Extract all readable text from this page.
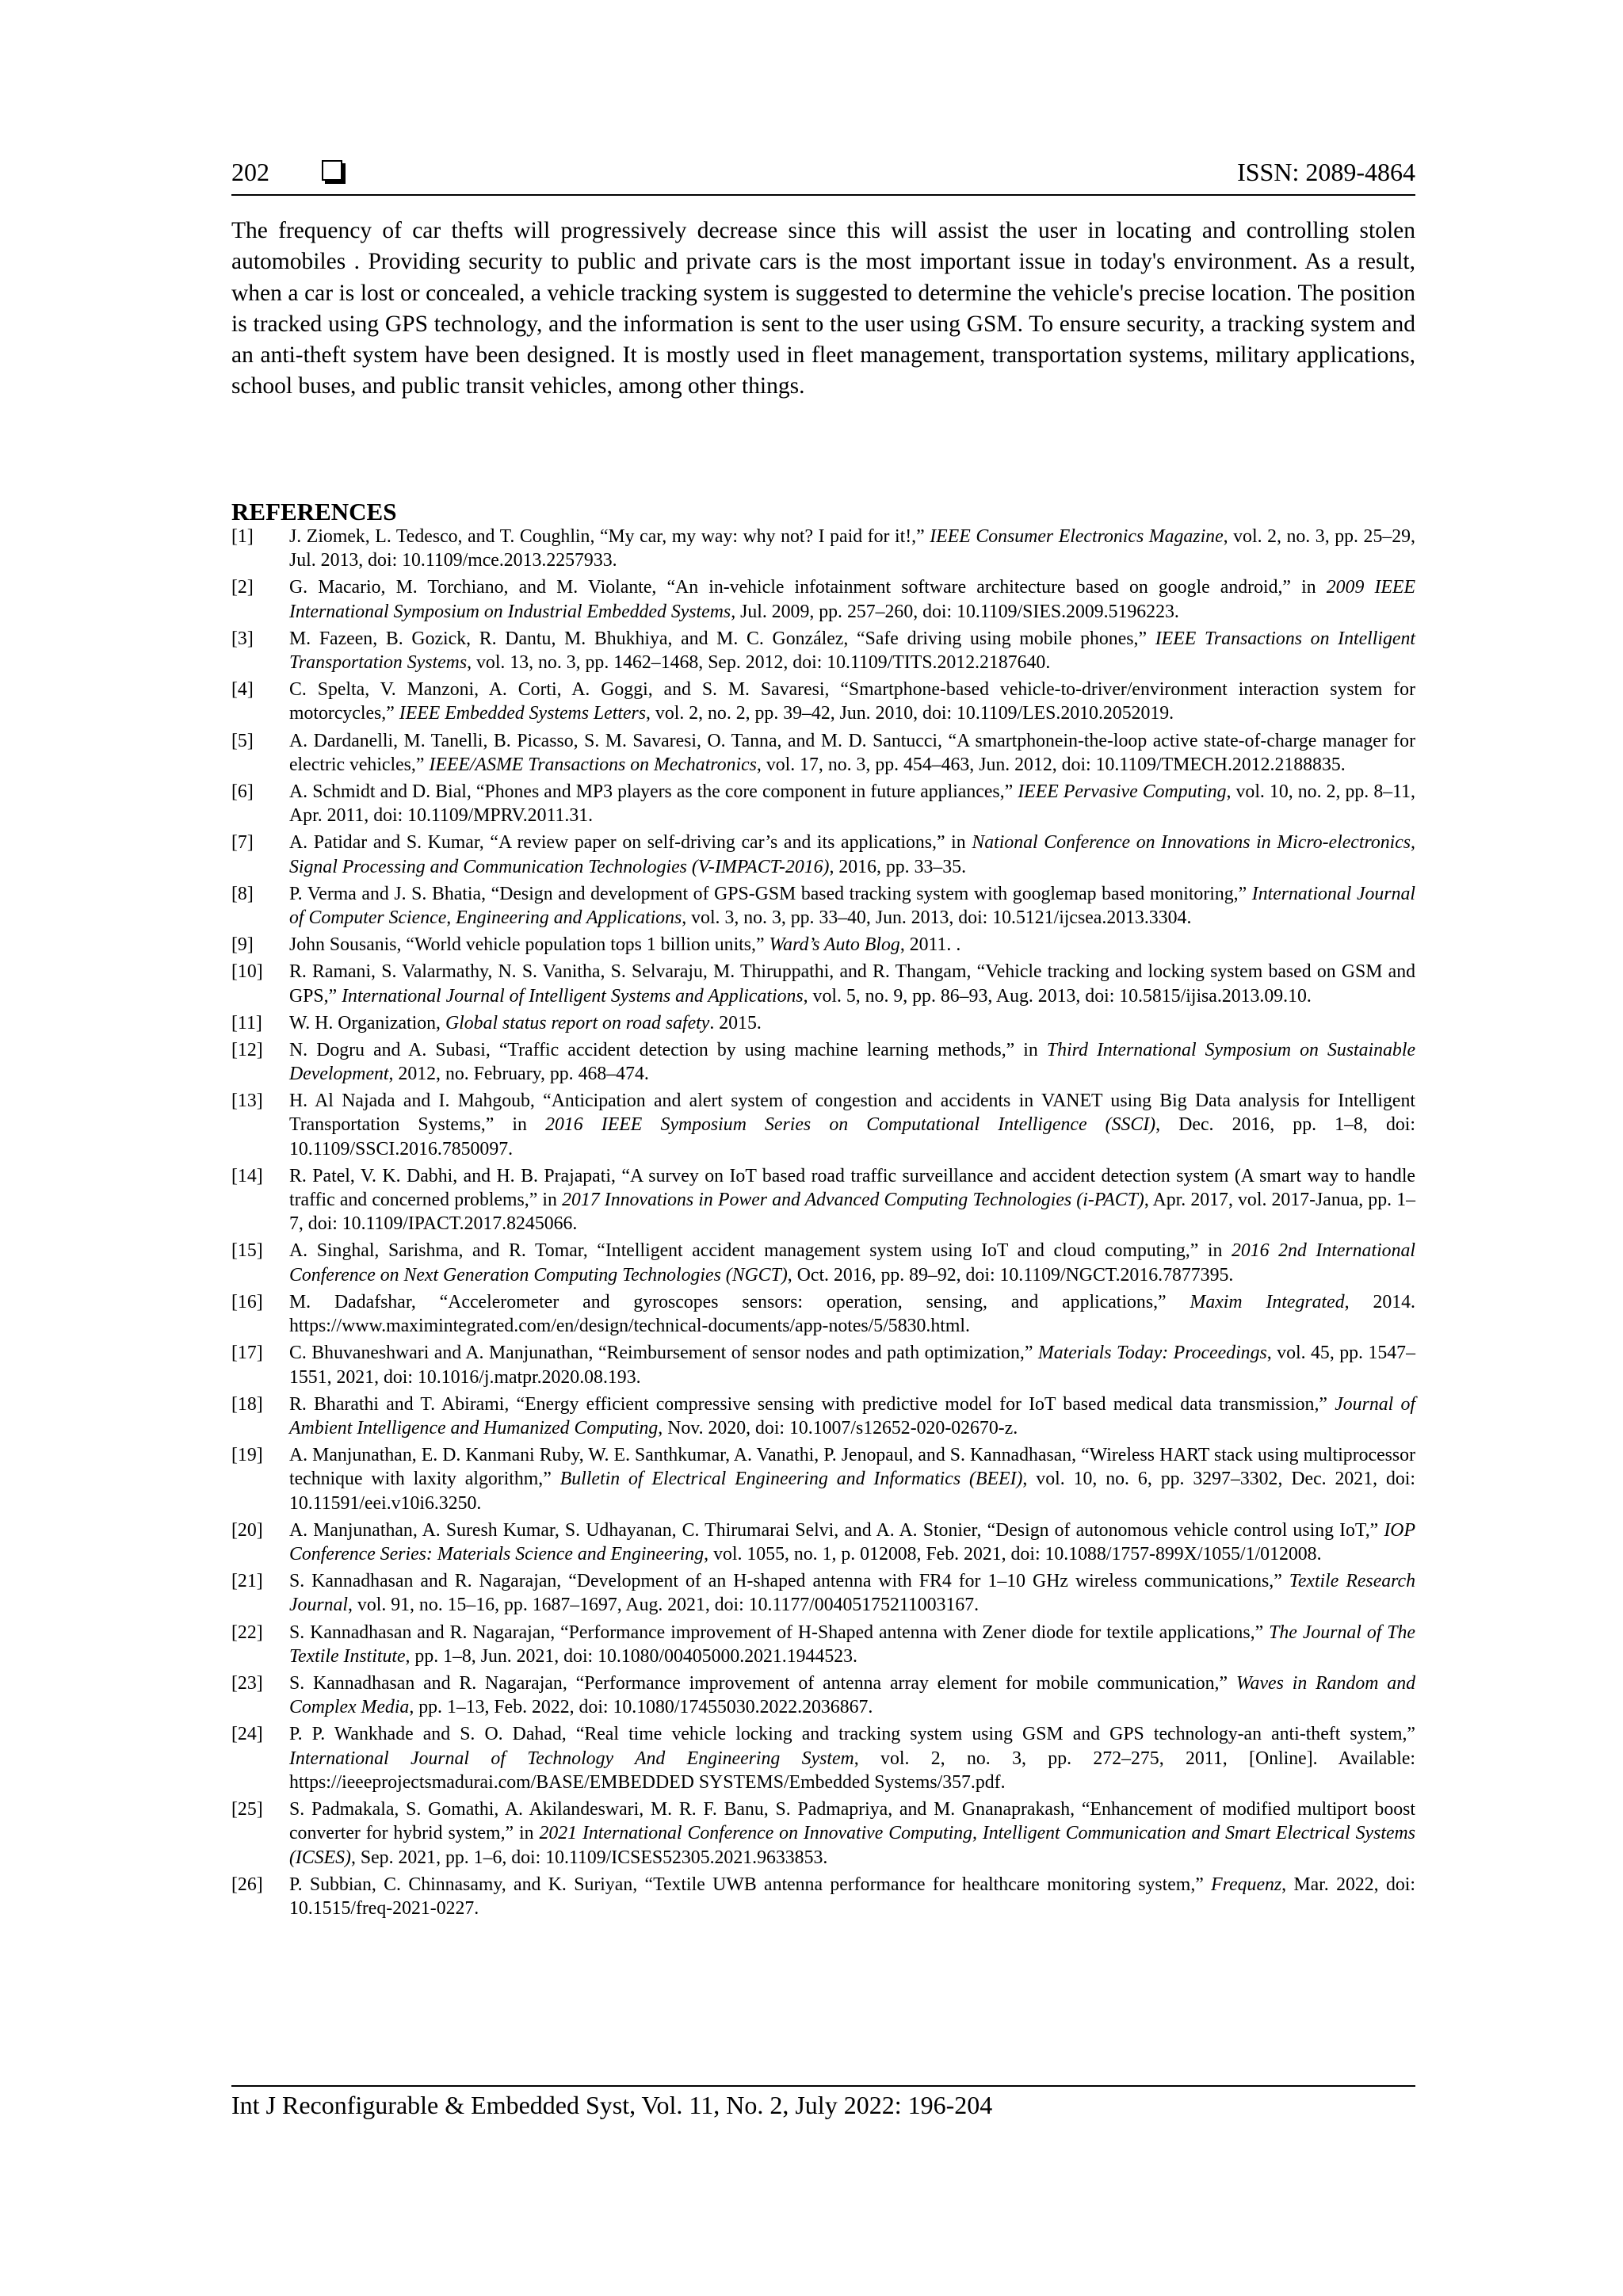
202	ISSN: 2089-4864

The frequency of car thefts will progressively decrease since this will assist the user in locating and controlling stolen automobiles . Providing security to public and private cars is the most important issue in today's environment. As a result, when a car is lost or concealed, a vehicle tracking system is suggested to determine the vehicle's precise location. The position is tracked using GPS technology, and the information is sent to the user using GSM. To ensure security, a tracking system and an anti-theft system have been designed. It is mostly used in fleet management, transportation systems, military applications, school buses, and public transit vehicles, among other things.

REFERENCES
[1] J. Ziomek, L. Tedesco, and T. Coughlin, “My car, my way: why not? I paid for it!,” IEEE Consumer Electronics Magazine, vol. 2, no. 3, pp. 25–29, Jul. 2013, doi: 10.1109/mce.2013.2257933.
[2] G. Macario, M. Torchiano, and M. Violante, “An in-vehicle infotainment software architecture based on google android,” in 2009 IEEE International Symposium on Industrial Embedded Systems, Jul. 2009, pp. 257–260, doi: 10.1109/SIES.2009.5196223.
[3] M. Fazeen, B. Gozick, R. Dantu, M. Bhukhiya, and M. C. González, “Safe driving using mobile phones,” IEEE Transactions on Intelligent Transportation Systems, vol. 13, no. 3, pp. 1462–1468, Sep. 2012, doi: 10.1109/TITS.2012.2187640.
[4] C. Spelta, V. Manzoni, A. Corti, A. Goggi, and S. M. Savaresi, “Smartphone-based vehicle-to-driver/environment interaction system for motorcycles,” IEEE Embedded Systems Letters, vol. 2, no. 2, pp. 39–42, Jun. 2010, doi: 10.1109/LES.2010.2052019.
[5] A. Dardanelli, M. Tanelli, B. Picasso, S. M. Savaresi, O. Tanna, and M. D. Santucci, “A smartphonein-the-loop active state-of-charge manager for electric vehicles,” IEEE/ASME Transactions on Mechatronics, vol. 17, no. 3, pp. 454–463, Jun. 2012, doi: 10.1109/TMECH.2012.2188835.
[6] A. Schmidt and D. Bial, “Phones and MP3 players as the core component in future appliances,” IEEE Pervasive Computing, vol. 10, no. 2, pp. 8–11, Apr. 2011, doi: 10.1109/MPRV.2011.31.
[7] A. Patidar and S. Kumar, “A review paper on self-driving car’s and its applications,” in National Conference on Innovations in Micro-electronics, Signal Processing and Communication Technologies (V-IMPACT-2016), 2016, pp. 33–35.
[8] P. Verma and J. S. Bhatia, “Design and development of GPS-GSM based tracking system with googlemap based monitoring,” International Journal of Computer Science, Engineering and Applications, vol. 3, no. 3, pp. 33–40, Jun. 2013, doi: 10.5121/ijcsea.2013.3304.
[9] John Sousanis, “World vehicle population tops 1 billion units,” Ward’s Auto Blog, 2011. .
[10] R. Ramani, S. Valarmathy, N. S. Vanitha, S. Selvaraju, M. Thiruppathi, and R. Thangam, “Vehicle tracking and locking system based on GSM and GPS,” International Journal of Intelligent Systems and Applications, vol. 5, no. 9, pp. 86–93, Aug. 2013, doi: 10.5815/ijisa.2013.09.10.
[11] W. H. Organization, Global status report on road safety. 2015.
[12] N. Dogru and A. Subasi, “Traffic accident detection by using machine learning methods,” in Third International Symposium on Sustainable Development, 2012, no. February, pp. 468–474.
[13] H. Al Najada and I. Mahgoub, “Anticipation and alert system of congestion and accidents in VANET using Big Data analysis for Intelligent Transportation Systems,” in 2016 IEEE Symposium Series on Computational Intelligence (SSCI), Dec. 2016, pp. 1–8, doi: 10.1109/SSCI.2016.7850097.
[14] R. Patel, V. K. Dabhi, and H. B. Prajapati, “A survey on IoT based road traffic surveillance and accident detection system (A smart way to handle traffic and concerned problems,” in 2017 Innovations in Power and Advanced Computing Technologies (i-PACT), Apr. 2017, vol. 2017-Janua, pp. 1–7, doi: 10.1109/IPACT.2017.8245066.
[15] A. Singhal, Sarishma, and R. Tomar, “Intelligent accident management system using IoT and cloud computing,” in 2016 2nd International Conference on Next Generation Computing Technologies (NGCT), Oct. 2016, pp. 89–92, doi: 10.1109/NGCT.2016.7877395.
[16] M. Dadafshar, “Accelerometer and gyroscopes sensors: operation, sensing, and applications,” Maxim Integrated, 2014. https://www.maximintegrated.com/en/design/technical-documents/app-notes/5/5830.html.
[17] C. Bhuvaneshwari and A. Manjunathan, “Reimbursement of sensor nodes and path optimization,” Materials Today: Proceedings, vol. 45, pp. 1547–1551, 2021, doi: 10.1016/j.matpr.2020.08.193.
[18] R. Bharathi and T. Abirami, “Energy efficient compressive sensing with predictive model for IoT based medical data transmission,” Journal of Ambient Intelligence and Humanized Computing, Nov. 2020, doi: 10.1007/s12652-020-02670-z.
[19] A. Manjunathan, E. D. Kanmani Ruby, W. E. Santhkumar, A. Vanathi, P. Jenopaul, and S. Kannadhasan, “Wireless HART stack using multiprocessor technique with laxity algorithm,” Bulletin of Electrical Engineering and Informatics (BEEI), vol. 10, no. 6, pp. 3297–3302, Dec. 2021, doi: 10.11591/eei.v10i6.3250.
[20] A. Manjunathan, A. Suresh Kumar, S. Udhayanan, C. Thirumarai Selvi, and A. A. Stonier, “Design of autonomous vehicle control using IoT,” IOP Conference Series: Materials Science and Engineering, vol. 1055, no. 1, p. 012008, Feb. 2021, doi: 10.1088/1757-899X/1055/1/012008.
[21] S. Kannadhasan and R. Nagarajan, “Development of an H-shaped antenna with FR4 for 1–10 GHz wireless communications,” Textile Research Journal, vol. 91, no. 15–16, pp. 1687–1697, Aug. 2021, doi: 10.1177/00405175211003167.
[22] S. Kannadhasan and R. Nagarajan, “Performance improvement of H-Shaped antenna with Zener diode for textile applications,” The Journal of The Textile Institute, pp. 1–8, Jun. 2021, doi: 10.1080/00405000.2021.1944523.
[23] S. Kannadhasan and R. Nagarajan, “Performance improvement of antenna array element for mobile communication,” Waves in Random and Complex Media, pp. 1–13, Feb. 2022, doi: 10.1080/17455030.2022.2036867.
[24] P. P. Wankhade and S. O. Dahad, “Real time vehicle locking and tracking system using GSM and GPS technology-an anti-theft system,” International Journal of Technology And Engineering System, vol. 2, no. 3, pp. 272–275, 2011, [Online]. Available: https://ieeeprojectsmadurai.com/BASE/EMBEDDED SYSTEMS/Embedded Systems/357.pdf.
[25] S. Padmakala, S. Gomathi, A. Akilandeswari, M. R. F. Banu, S. Padmapriya, and M. Gnanaprakash, “Enhancement of modified multiport boost converter for hybrid system,” in 2021 International Conference on Innovative Computing, Intelligent Communication and Smart Electrical Systems (ICSES), Sep. 2021, pp. 1–6, doi: 10.1109/ICSES52305.2021.9633853.
[26] P. Subbian, C. Chinnasamy, and K. Suriyan, “Textile UWB antenna performance for healthcare monitoring system,” Frequenz, Mar. 2022, doi: 10.1515/freq-2021-0227.

Int J Reconfigurable & Embedded Syst, Vol. 11, No. 2, July 2022: 196-204
